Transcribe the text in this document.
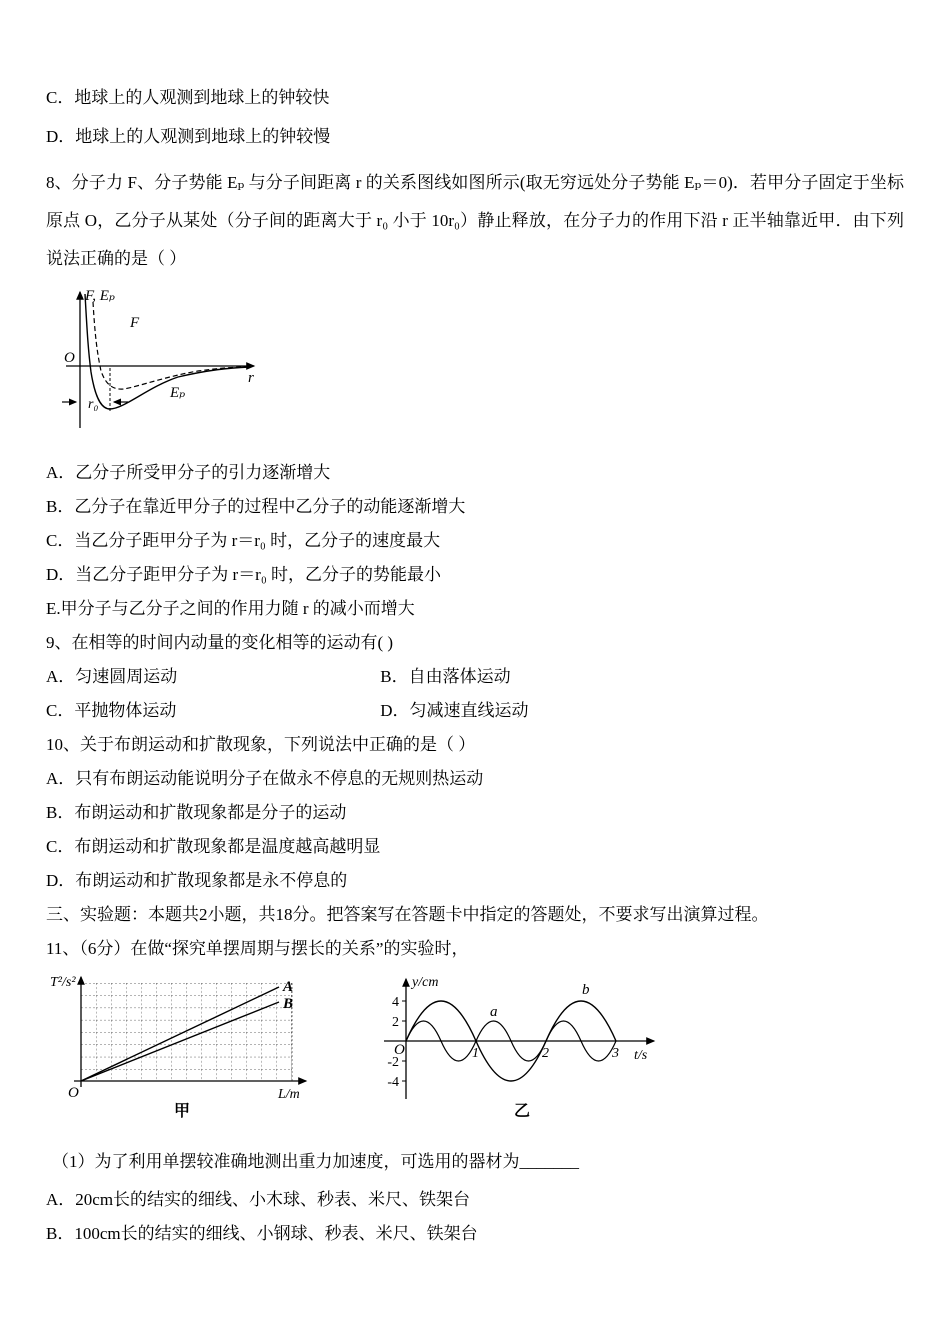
C．地球上的人观测到地球上的钟较快

D．地球上的人观测到地球上的钟较慢

8、分子力 F、分子势能 Eₚ 与分子间距离 r 的关系图线如图所示(取无穷远处分子势能 Eₚ＝0)．若甲分子固定于坐标原点 O，乙分子从某处（分子间的距离大于 r₀ 小于 10r₀）静止释放，在分子力的作用下沿 r 正半轴靠近甲．由下列说法正确的是（ ）

F, Eₚ
O
r
F
Eₚ
r₀

A．乙分子所受甲分子的引力逐渐增大

B．乙分子在靠近甲分子的过程中乙分子的动能逐渐增大

C．当乙分子距甲分子为 r＝r₀ 时，乙分子的速度最大

D．当乙分子距甲分子为 r＝r₀ 时，乙分子的势能最小

E.甲分子与乙分子之间的作用力随 r 的减小而增大

9、在相等的时间内动量的变化相等的运动有( )

A．匀速圆周运动	B．自由落体运动

C．平抛物体运动	D．匀减速直线运动

10、关于布朗运动和扩散现象，下列说法中正确的是（ ）

A．只有布朗运动能说明分子在做永不停息的无规则热运动

B．布朗运动和扩散现象都是分子的运动

C．布朗运动和扩散现象都是温度越高越明显

D．布朗运动和扩散现象都是永不停息的

三、实验题：本题共2小题，共18分。把答案写在答题卡中指定的答题处，不要求写出演算过程。

11、（6分）在做“探究单摆周期与摆长的关系”的实验时，

T²/s²	A
B
O	L/m
甲
4
2
-2
-4
1	2	3
y/cm
t/s
O
a
b
乙

（1）为了利用单摆较准确地测出重力加速度，可选用的器材为_______

A．20cm长的结实的细线、小木球、秒表、米尺、铁架台

B．100cm长的结实的细线、小钢球、秒表、米尺、铁架台
